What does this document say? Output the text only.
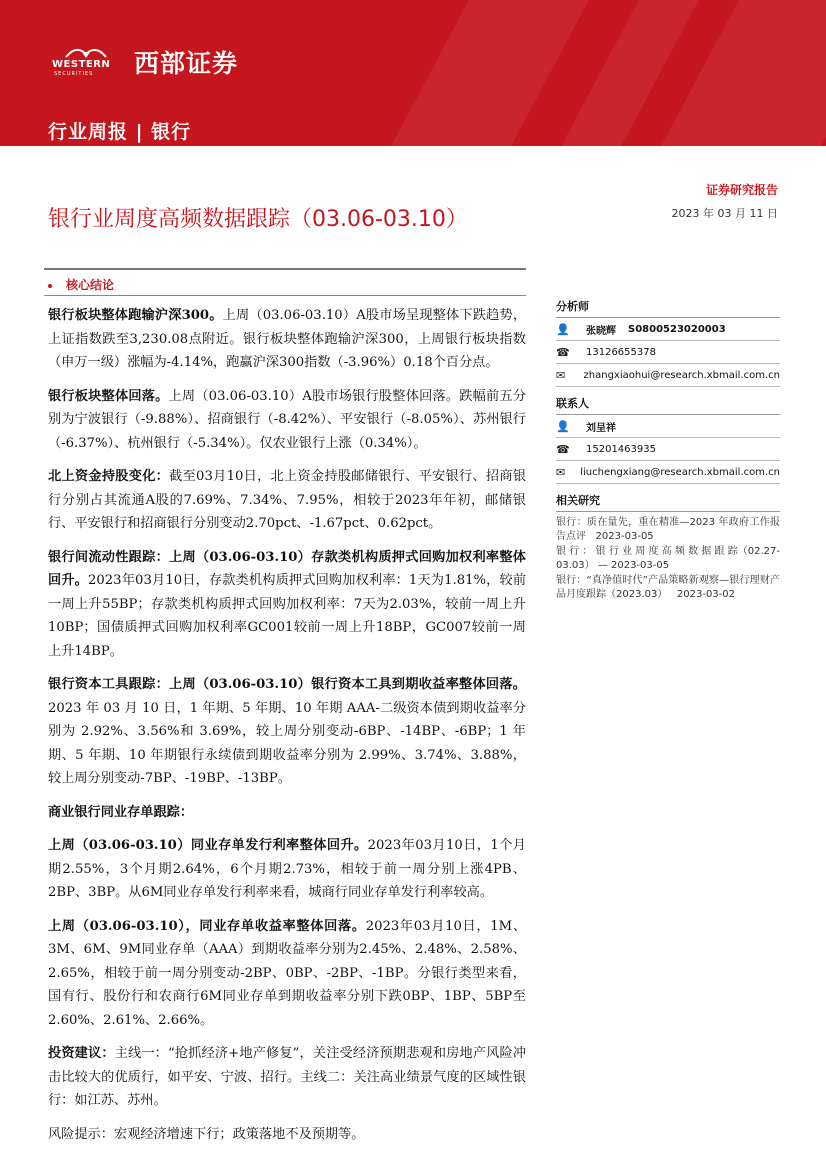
WESTERN
SECURITIES 西部证券
行业周报 | 银行
证券研究报告
银行业周度高频数据跟踪（03.06-03.10）	2023 年 03 月 11 日
核心结论

银行板块整体跑输沪深300。上周（03.06-03.10）A股市场呈现整体下跌趋势，上证指数跌至3,230.08点附近。银行板块整体跑输沪深300，上周银行板块指数（申万一级）涨幅为-4.14%，跑赢沪深300指数（-3.96%）0.18个百分点。

银行板块整体回落。上周（03.06-03.10）A股市场银行股整体回落。跌幅前五分别为宁波银行（-9.88%）、招商银行（-8.42%）、平安银行（-8.05%）、苏州银行（-6.37%）、杭州银行（-5.34%）。仅农业银行上涨（0.34%）。

北上资金持股变化：截至03月10日，北上资金持股邮储银行、平安银行、招商银行分别占其流通A股的7.69%、7.34%、7.95%，相较于2023年年初，邮储银行、平安银行和招商银行分别变动2.70pct、-1.67pct、0.62pct。

银行间流动性跟踪：上周（03.06-03.10）存款类机构质押式回购加权利率整体回升。2023年03月10日，存款类机构质押式回购加权利率：1天为1.81%，较前一周上升55BP；存款类机构质押式回购加权利率：7天为2.03%，较前一周上升10BP；国债质押式回购加权利率GC001较前一周上升18BP，GC007较前一周上升14BP。

银行资本工具跟踪：上周（03.06-03.10）银行资本工具到期收益率整体回落。2023 年 03 月 10 日，1 年期、5 年期、10 年期 AAA-二级资本债到期收益率分别为 2.92%、3.56%和 3.69%，较上周分别变动-6BP、-14BP、-6BP；1 年期、5 年期、10 年期银行永续债到期收益率分别为 2.99%、3.74%、3.88%，较上周分别变动-7BP、-19BP、-13BP。

商业银行同业存单跟踪：

上周（03.06-03.10）同业存单发行利率整体回升。2023年03月10日，1个月期2.55%，3个月期2.64%，6个月期2.73%，相较于前一周分别上涨4PB、2BP、3BP。从6M同业存单发行利率来看，城商行同业存单发行利率较高。

上周（03.06-03.10），同业存单收益率整体回落。2023年03月10日，1M、3M、6M、9M同业存单（AAA）到期收益率分别为2.45%、2.48%、2.58%、2.65%，相较于前一周分别变动-2BP、0BP、-2BP、-1BP。分银行类型来看，国有行、股份行和农商行6M同业存单到期收益率分别下跌0BP、1BP、5BP至 2.60%、2.61%、2.66%。

投资建议：主线一：“抢抓经济+地产修复”，关注受经济预期悲观和房地产风险冲击比较大的优质行，如平安、宁波、招行。主线二：关注高业绩景气度的区域性银行：如江苏、苏州。

风险提示：宏观经济增速下行；政策落地不及预期等。

分析师
👤 张晓辉 S0800523020003
☎ 13126655378
✉	zhangxiaohui@research.xbmail.com.cn
联系人
👤 刘呈祥
☎ 15201463935
✉ liuchengxiang@research.xbmail.com.cn
相关研究
银行：质在量先，重在精准—2023 年政府工作报告点评 2023-03-05
银 行 ： 银 行 业 周 度 高 频 数 据 跟 踪（02.27-03.03） — 2023-03-05
银行：“真净值时代”产品策略新观察—银行理财产品月度跟踪（2023.03） 2023-03-02
